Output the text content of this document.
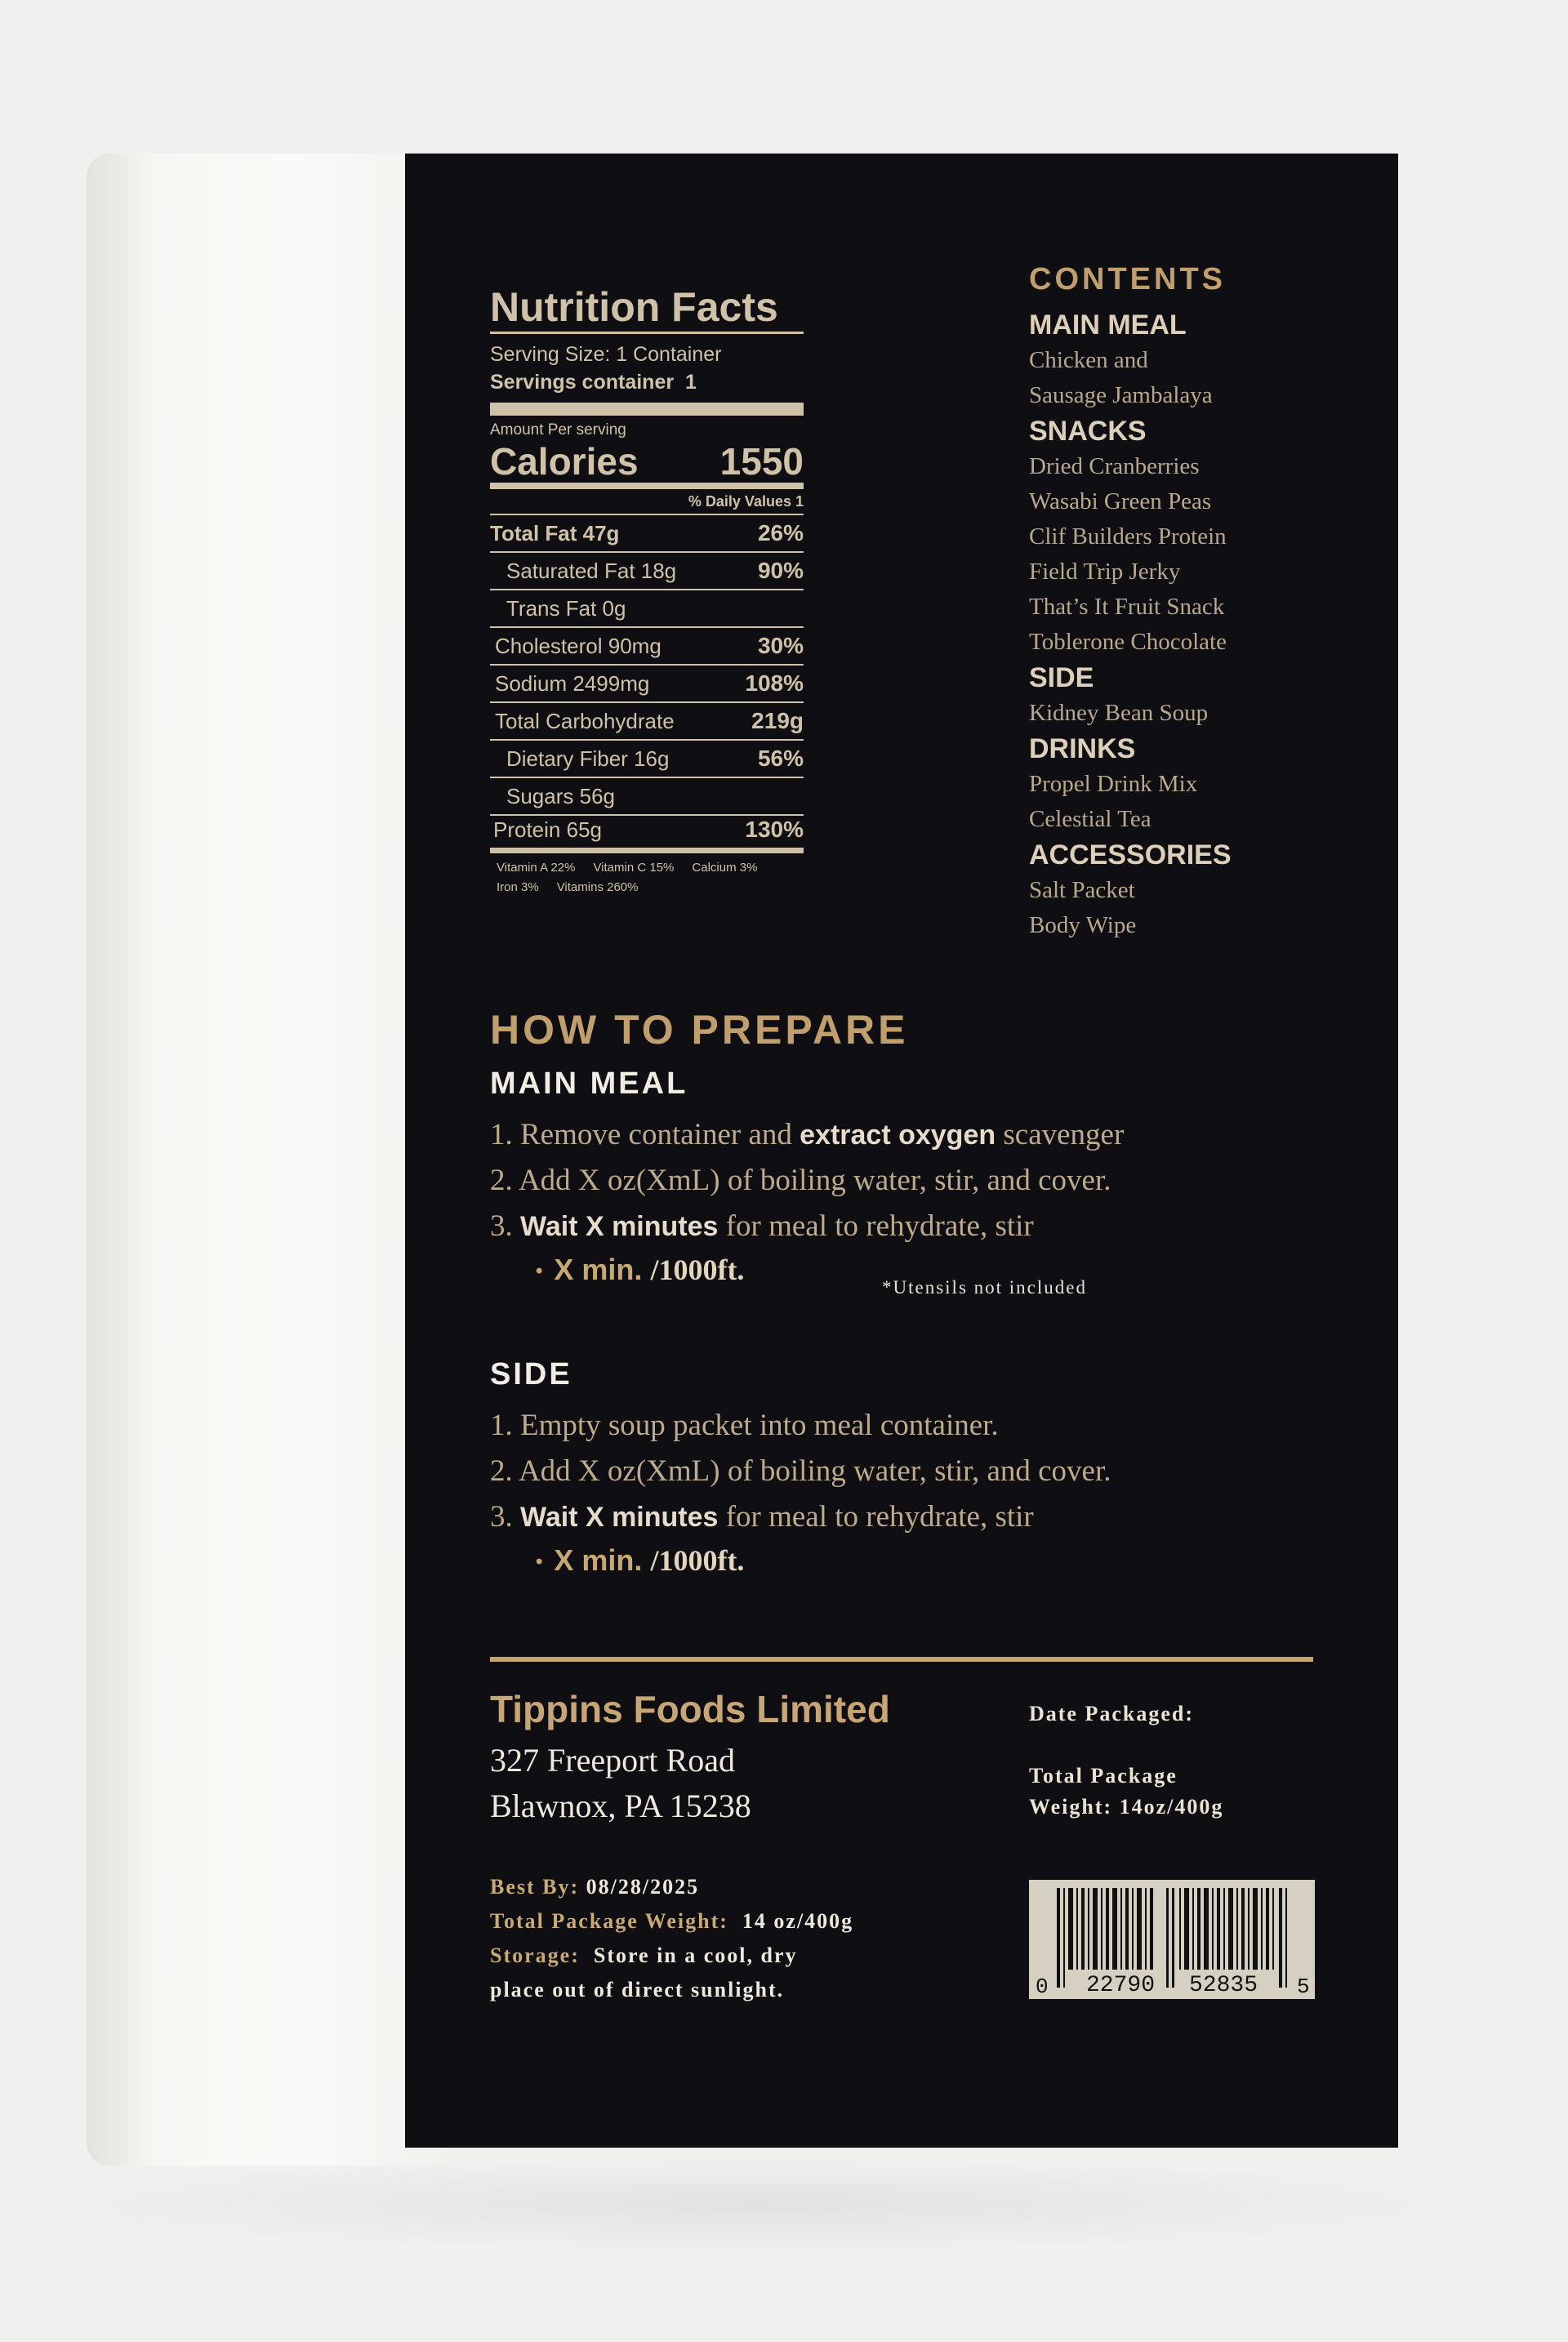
Nutrition Facts
Serving Size: 1 Container
Servings container 1
Amount Per serving
Calories 1550
% Daily Values 1
Total Fat 47g	26%
Saturated Fat 18g	90%
Trans Fat 0g
Cholesterol 90mg	30%
Sodium 2499mg	108%
Total Carbohydrate	219g
Dietary Fiber 16g	56%
Sugars 56g
Protein 65g	130%
Vitamin A 22% Vitamin C 15% Calcium 3%
Iron 3% Vitamins 260%
CONTENTS
MAIN MEAL
Chicken and
Sausage Jambalaya
SNACKS
Dried Cranberries
Wasabi Green Peas
Clif Builders Protein
Field Trip Jerky
That’s It Fruit Snack
Toblerone Chocolate
SIDE
Kidney Bean Soup
DRINKS
Propel Drink Mix
Celestial Tea
ACCESSORIES
Salt Packet
Body Wipe
HOW TO PREPARE
MAIN MEAL
1. Remove container and extract oxygen scavenger
2. Add X oz(XmL) of boiling water, stir, and cover.
3. Wait X minutes for meal to rehydrate, stir
• X min. /1000ft.
*Utensils not included
SIDE
1. Empty soup packet into meal container.
2. Add X oz(XmL) of boiling water, stir, and cover.
3. Wait X minutes for meal to rehydrate, stir
• X min. /1000ft.
Tippins Foods Limited
327 Freeport Road
Blawnox, PA 15238
Best By: 08/28/2025
Total Package Weight: 14 oz/400g
Storage: Store in a cool, dry
place out of direct sunlight.
Date Packaged:
Total Package
Weight: 14oz/400g
0 22790 52835 5
